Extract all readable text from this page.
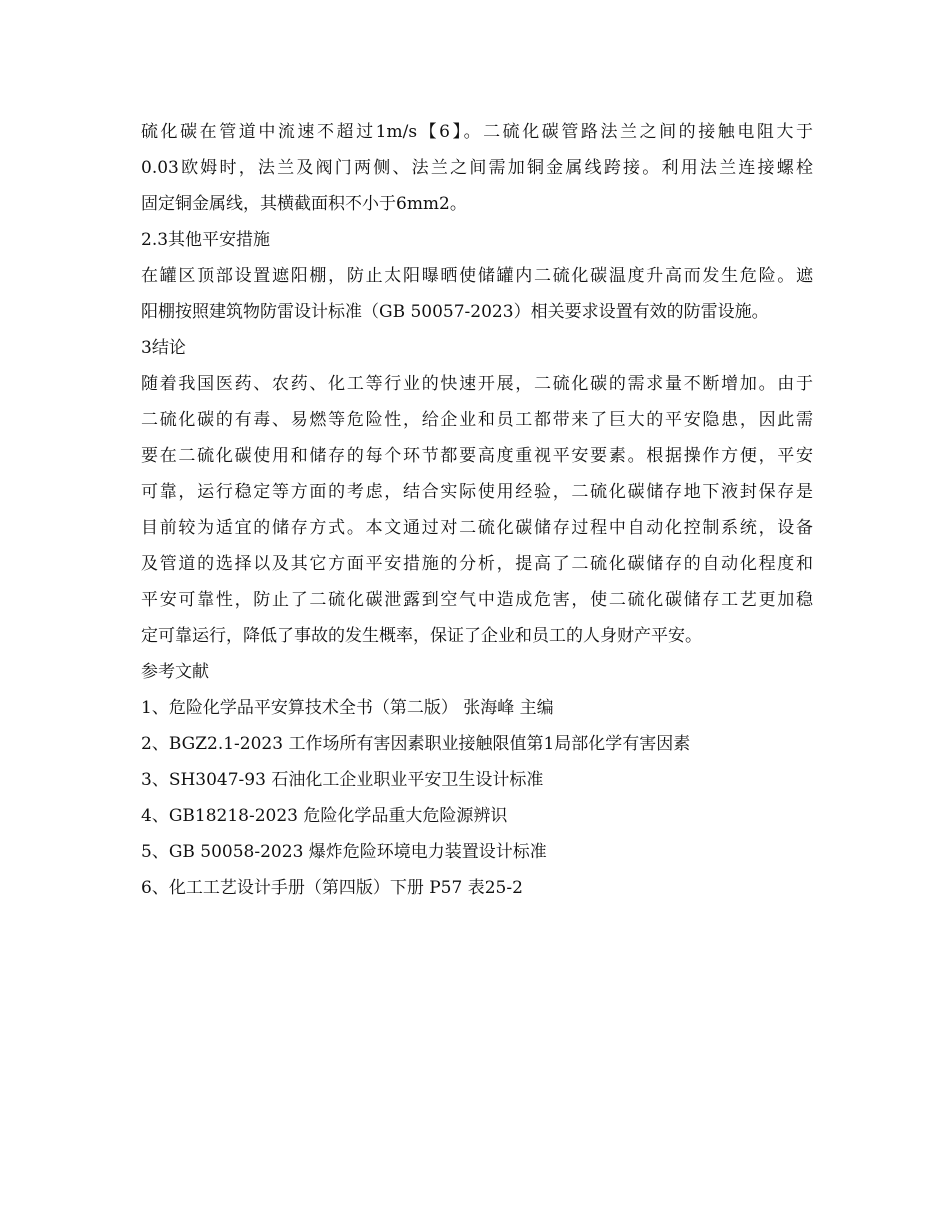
硫化碳在管道中流速不超过1m/s【6】。二硫化碳管路法兰之间的接触电阻大于
0.03欧姆时，法兰及阀门两侧、法兰之间需加铜金属线跨接。利用法兰连接螺栓
固定铜金属线，其横截面积不小于6mm2。
2.3其他平安措施
在罐区顶部设置遮阳棚，防止太阳曝晒使储罐内二硫化碳温度升高而发生危险。遮
阳棚按照建筑物防雷设计标准（GB 50057-2023）相关要求设置有效的防雷设施。
3结论
随着我国医药、农药、化工等行业的快速开展，二硫化碳的需求量不断增加。由于
二硫化碳的有毒、易燃等危险性，给企业和员工都带来了巨大的平安隐患，因此需
要在二硫化碳使用和储存的每个环节都要高度重视平安要素。根据操作方便，平安
可靠，运行稳定等方面的考虑，结合实际使用经验，二硫化碳储存地下液封保存是
目前较为适宜的储存方式。本文通过对二硫化碳储存过程中自动化控制系统，设备
及管道的选择以及其它方面平安措施的分析，提高了二硫化碳储存的自动化程度和
平安可靠性，防止了二硫化碳泄露到空气中造成危害，使二硫化碳储存工艺更加稳
定可靠运行，降低了事故的发生概率，保证了企业和员工的人身财产平安。
参考文献
1、危险化学品平安算技术全书（第二版） 张海峰 主编
2、BGZ2.1-2023 工作场所有害因素职业接触限值第1局部化学有害因素
3、SH3047-93 石油化工企业职业平安卫生设计标准
4、GB18218-2023 危险化学品重大危险源辨识
5、GB 50058-2023 爆炸危险环境电力装置设计标准
6、化工工艺设计手册（第四版）下册 P57 表25-2
